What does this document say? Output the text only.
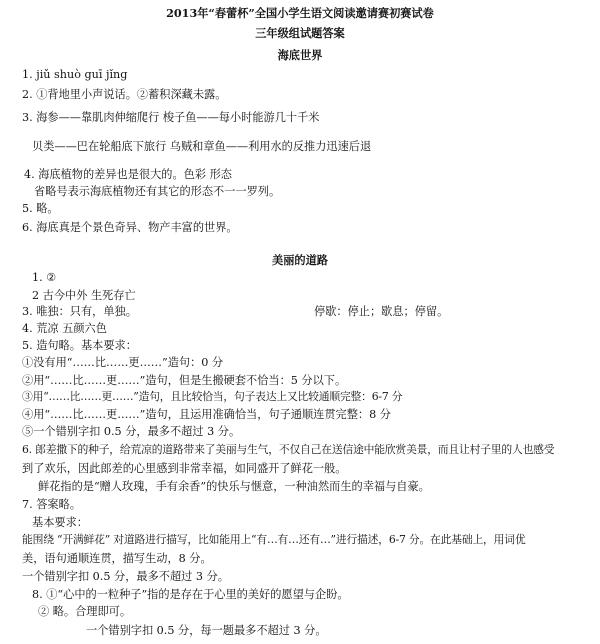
2013年“春蕾杯”全国小学生语文阅读邀请赛初赛试卷
三年级组试题答案
海底世界
1. jiǔ shuò guī jǐng
2. ①背地里小声说话。②蓄积深藏未露。
3. 海参——靠肌肉伸缩爬行 梭子鱼——每小时能游几十千米
贝类——巴在轮船底下旅行 乌贼和章鱼——利用水的反推力迅速后退
4. 海底植物的差异也是很大的。色彩 形态
省略号表示海底植物还有其它的形态不一一罗列。
5. 略。
6. 海底真是个景色奇异、物产丰富的世界。
美丽的道路
1. ②
2 古今中外 生死存亡
3. 唯独：只有，单独。	停歇：停止；歇息；停留。
4. 荒凉 五颜六色
5. 造句略。基本要求：
①没有用“……比……更……”造句：0 分
②用“……比……更……”造句，但是生搬硬套不恰当：5 分以下。
③用“……比……更……”造句，且比较恰当，句子表达上又比较通顺完整：6-7 分
④用“……比……更……”造句，且运用准确恰当，句子通顺连贯完整：8 分
⑤一个错别字扣 0.5 分，最多不超过 3 分。
6. 郎差撒下的种子，给荒凉的道路带来了美丽与生气，不仅自己在送信途中能欣赏美景，而且让村子里的人也感受
到了欢乐，因此郎差的心里感到非常幸福，如同盛开了鲜花一般。
鲜花指的是“赠人玫瑰，手有余香”的快乐与惬意，一种油然而生的幸福与自豪。
7. 答案略。
基本要求：
能围绕 “开满鲜花” 对道路进行描写，比如能用上“有…有…还有…”进行描述，6-7 分。在此基础上，用词优
美，语句通顺连贯，描写生动，8 分。
一个错别字扣 0.5 分，最多不超过 3 分。
8. ①“心中的一粒种子”指的是存在于心里的美好的愿望与企盼。
② 略。合理即可。
一个错别字扣 0.5 分，每一题最多不超过 3 分。
